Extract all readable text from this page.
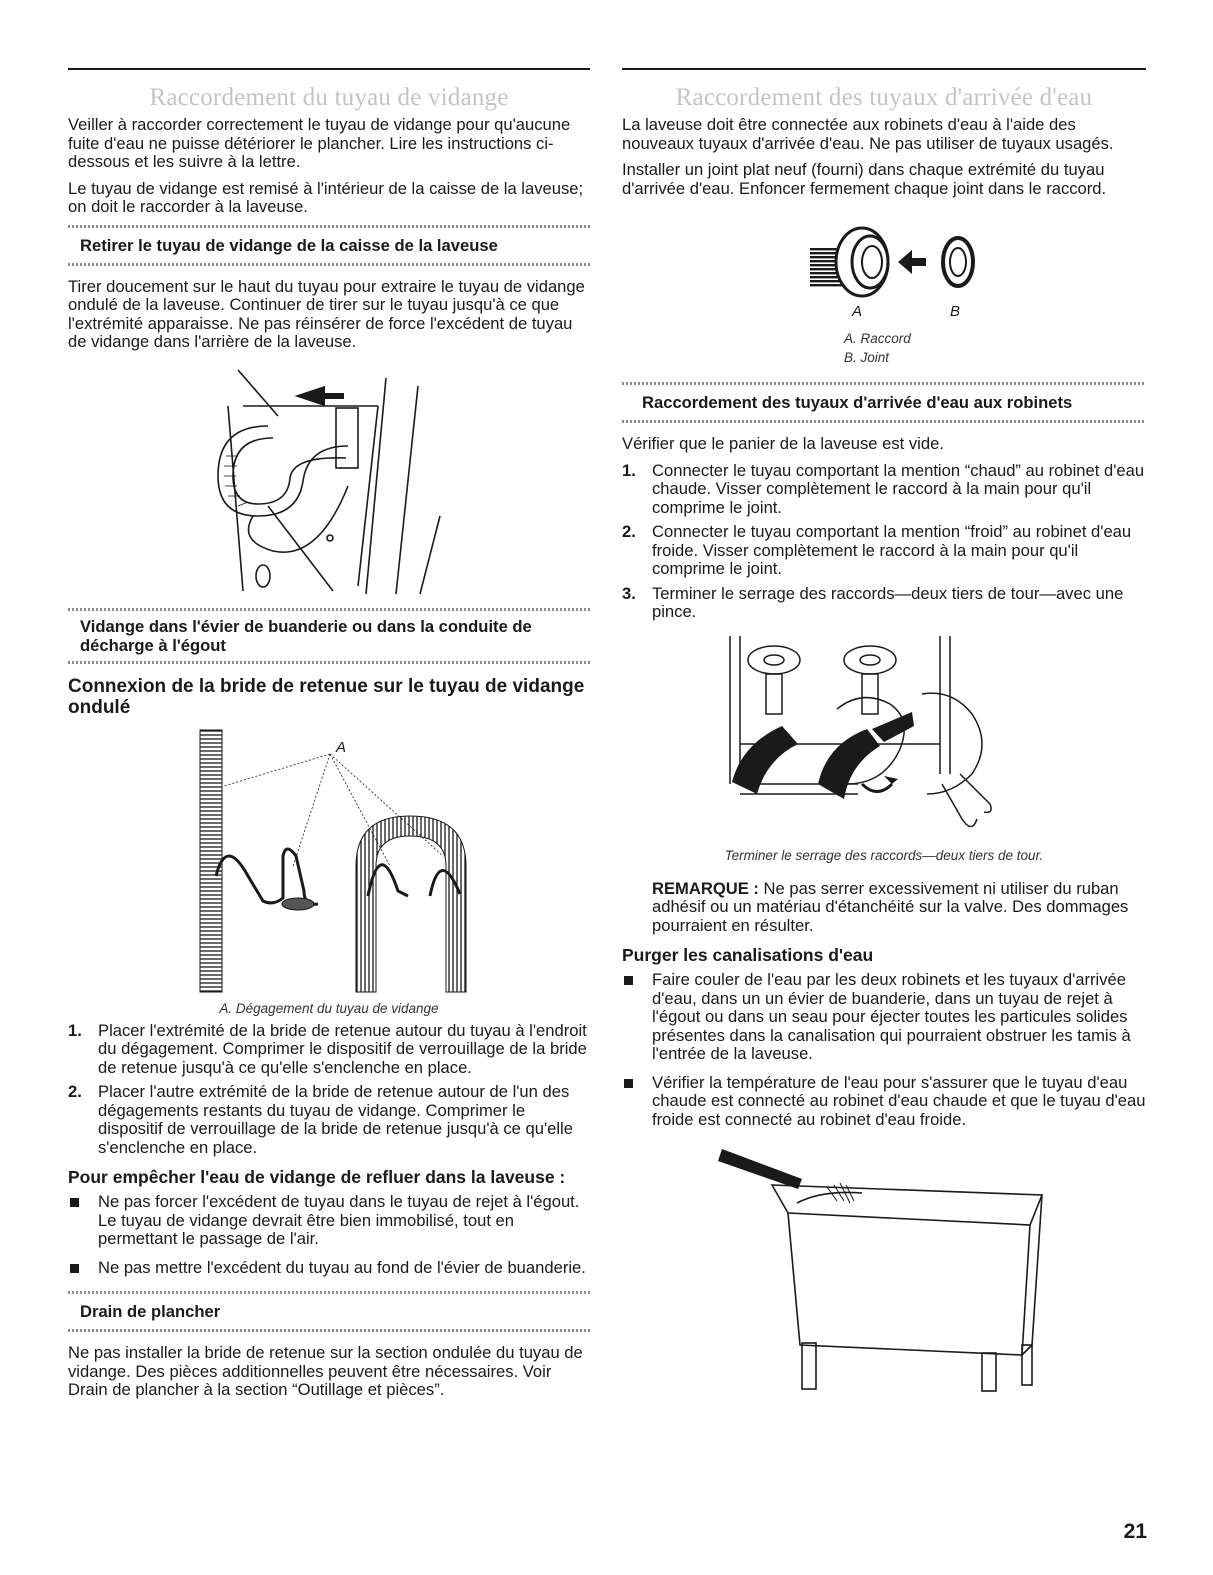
Raccordement du tuyau de vidange

Veiller à raccorder correctement le tuyau de vidange pour qu'aucune fuite d'eau ne puisse détériorer le plancher. Lire les instructions ci-dessous et les suivre à la lettre.

Le tuyau de vidange est remisé à l'intérieur de la caisse de la laveuse; on doit le raccorder à la laveuse.

Retirer le tuyau de vidange de la caisse de la laveuse

Tirer doucement sur le haut du tuyau pour extraire le tuyau de vidange ondulé de la laveuse. Continuer de tirer sur le tuyau jusqu'à ce que l'extrémité apparaisse. Ne pas réinsérer de force l'excédent de tuyau de vidange dans l'arrière de la laveuse.

Vidange dans l'évier de buanderie ou dans la conduite de décharge à l'égout
Connexion de la bride de retenue sur le tuyau de vidange ondulé
A
A. Dégagement du tuyau de vidange
1. Placer l'extrémité de la bride de retenue autour du tuyau à l'endroit du dégagement. Comprimer le dispositif de verrouillage de la bride de retenue jusqu'à ce qu'elle s'enclenche en place.
2. Placer l'autre extrémité de la bride de retenue autour de l'un des dégagements restants du tuyau de vidange. Comprimer le dispositif de verrouillage de la bride de retenue jusqu'à ce qu'elle s'enclenche en place.
Pour empêcher l'eau de vidange de refluer dans la laveuse :
Ne pas forcer l'excédent de tuyau dans le tuyau de rejet à l'égout. Le tuyau de vidange devrait être bien immobilisé, tout en permettant le passage de l'air.
Ne pas mettre l'excédent du tuyau au fond de l'évier de buanderie.
Drain de plancher

Ne pas installer la bride de retenue sur la section ondulée du tuyau de vidange. Des pièces additionnelles peuvent être nécessaires. Voir Drain de plancher à la section “Outillage et pièces”.

Raccordement des tuyaux d'arrivée d'eau

La laveuse doit être connectée aux robinets d'eau à l'aide des nouveaux tuyaux d'arrivée d'eau. Ne pas utiliser de tuyaux usagés.

Installer un joint plat neuf (fourni) dans chaque extrémité du tuyau d'arrivée d'eau. Enfoncer fermement chaque joint dans le raccord.

A	B
A. Raccord
B. Joint
Raccordement des tuyaux d'arrivée d'eau aux robinets

Vérifier que le panier de la laveuse est vide.

1. Connecter le tuyau comportant la mention “chaud” au robinet d'eau chaude. Visser complètement le raccord à la main pour qu'il comprime le joint.
2. Connecter le tuyau comportant la mention “froid” au robinet d'eau froide. Visser complètement le raccord à la main pour qu'il comprime le joint.
3. Terminer le serrage des raccords—deux tiers de tour—avec une pince.
Terminer le serrage des raccords—deux tiers de tour.

REMARQUE : Ne pas serrer excessivement ni utiliser du ruban adhésif ou un matériau d'étanchéité sur la valve. Des dommages pourraient en résulter.

Purger les canalisations d'eau
Faire couler de l'eau par les deux robinets et les tuyaux d'arrivée d'eau, dans un un évier de buanderie, dans un tuyau de rejet à l'égout ou dans un seau pour éjecter toutes les particules solides présentes dans la canalisation qui pourraient obstruer les tamis à l'entrée de la laveuse.
Vérifier la température de l'eau pour s'assurer que le tuyau d'eau chaude est connecté au robinet d'eau chaude et que le tuyau d'eau froide est connecté au robinet d'eau froide.
21
